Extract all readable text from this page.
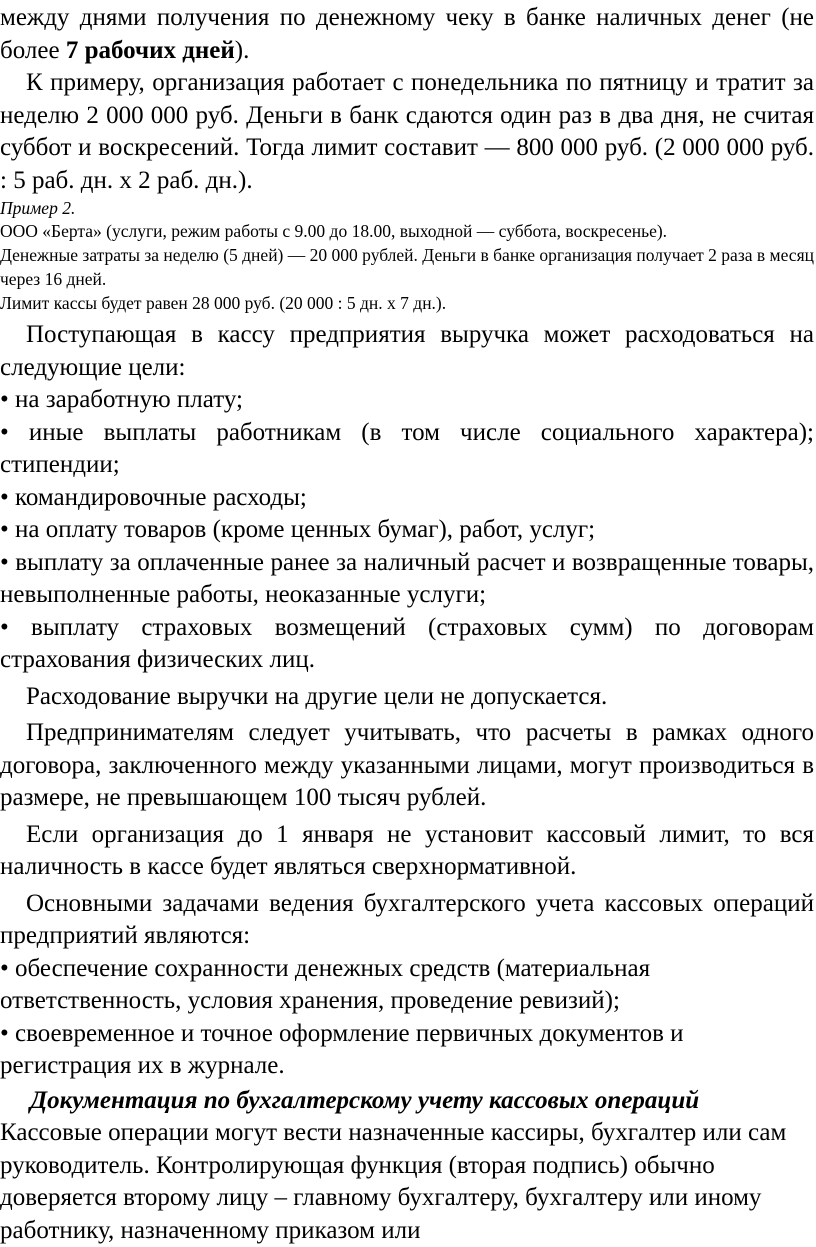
между днями получения по денежному чеку в банке наличных денег (не более 7 рабочих дней).

К примеру, организация работает с понедельника по пятницу и тратит за неделю 2 000 000 руб. Деньги в банк сдаются один раз в два дня, не считая суббот и воскресений. Тогда лимит составит — 800 000 руб. (2 000 000 руб. : 5 раб. дн. х 2 раб. дн.).

Пример 2.

ООО «Берта» (услуги, режим работы с 9.00 до 18.00, выходной — суббота, воскресенье).

Денежные затраты за неделю (5 дней) — 20 000 рублей. Деньги в банке организация получает 2 раза в месяц через 16 дней.

Лимит кассы будет равен 28 000 руб. (20 000 : 5 дн. х 7 дн.).

Поступающая в кассу предприятия выручка может расходоваться на следующие цели:

• на заработную плату;

• иные выплаты работникам (в том числе социального характера); стипендии;

• командировочные расходы;

• на оплату товаров (кроме ценных бумаг), работ, услуг;

• выплату за оплаченные ранее за наличный расчет и возвращенные товары, невыполненные работы, неоказанные услуги;

• выплату страховых возмещений (страховых сумм) по договорам страхования физических лиц.

Расходование выручки на другие цели не допускается.

Предпринимателям следует учитывать, что расчеты в рамках одного договора, заключенного между указанными лицами, могут производиться в размере, не превышающем 100 тысяч рублей.

Если организация до 1 января не установит кассовый лимит, то вся наличность в кассе будет являться сверхнормативной.

Основными задачами ведения бухгалтерского учета кассовых операций предприятий являются:

• обеспечение сохранности денежных средств (материальная ответственность, условия хранения, проведение ревизий);

• своевременное и точное оформление первичных документов и регистрация их в журнале.

Документация по бухгалтерскому учету кассовых операций

Кассовые операции могут вести назначенные кассиры, бухгалтер или сам руководитель. Контролирующая функция (вторая подпись) обычно доверяется второму лицу – главному бухгалтеру, бухгалтеру или иному работнику, назначенному приказом или
